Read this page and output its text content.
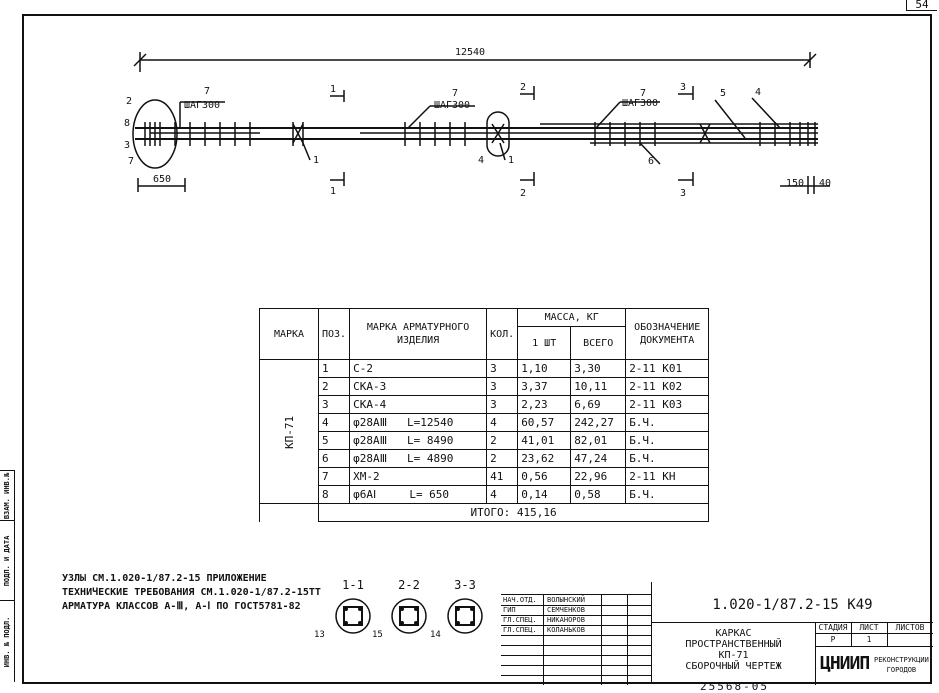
54
ВЗАМ. ИНВ.№
ПОДП. И ДАТА
ИНВ. № ПОДЛ.
12540
650	150 40
ШАГ300	ШАГ300	ШАГ300
2
8
3
7
7	7	7
1	1
4
5
6
4
1
1
2
2
3
3
МАРКА	ПОЗ.	МАРКА АРМАТУРНОГО ИЗДЕЛИЯ	КОЛ.	МАССА, КГ		ОБОЗНАЧЕНИЕ ДОКУМЕНТА
				1 ШТ	ВСЕГО	
КП-71	1	С-2	3	1,10	3,30	2-11 К01
	2	СКА-3	3	3,37	10,11	2-11 К02
	3	СКА-4	3	2,23	6,69	2-11 К03
	4	φ28АⅢ   L=12540	4	60,57	242,27	Б.Ч.
	5	φ28АⅢ   L= 8490	2	41,01	82,01	Б.Ч.
	6	φ28АⅢ   L= 4890	2	23,62	47,24	Б.Ч.
	7	ХМ-2	41	0,56	22,96	2-11 КН
	8	φ6АⅠ     L= 650	4	0,14	0,58	Б.Ч.
	ИТОГО: 415,16					
УЗЛЫ СМ.1.020-1/87.2-15 ПРИЛОЖЕНИЕ
ТЕХНИЧЕСКИЕ ТРЕБОВАНИЯ СМ.1.020-1/87.2-15ТТ
АРМАТУРА КЛАССОВ А-Ⅲ, А-Ⅰ ПО ГОСТ5781-82
1-1	2-2	3-3
13	15	14
НАЧ.ОТД. ВОЛЫНСКИЙ
ГИП	СЕМЧЕНКОВ
ГЛ.СПЕЦ. НИКАНОРОВ
ГЛ.СПЕЦ. КОЛАНЬКОВ
1.020-1/87.2-15 К49
КАРКАС
ПРОСТРАНСТВЕННЫЙ
КП-71
СБОРОЧНЫЙ ЧЕРТЕЖ
СТАДИЯ	ЛИСТ	ЛИСТОВ
Р	1
ЦНИИП РЕКОНСТРУКЦИИ
ГОРОДОВ
25568-05
